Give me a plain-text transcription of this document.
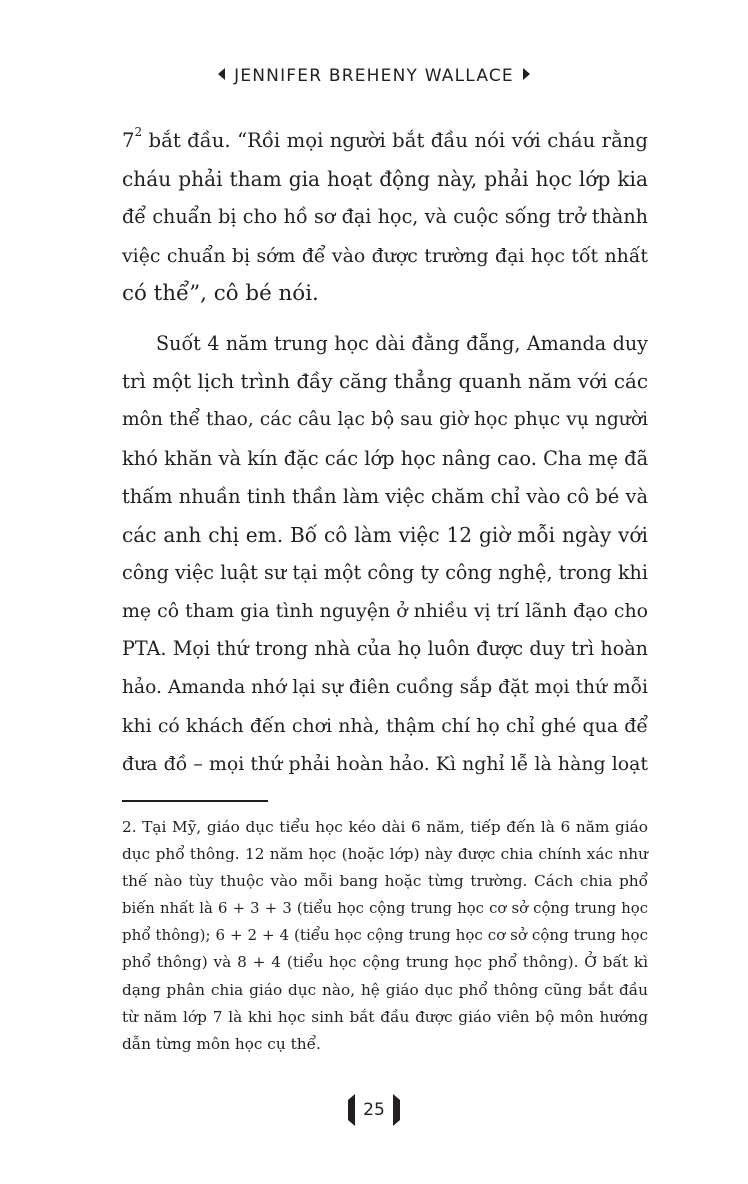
JENNIFER BREHENY WALLACE
7$^2$ bắt đầu. “Rồi mọi người bắt đầu nói với cháu rằng
cháu phải tham gia hoạt động này, phải học lớp kia
để chuẩn bị cho hồ sơ đại học, và cuộc sống trở thành
việc chuẩn bị sớm để vào được trường đại học tốt nhất
có thể”, cô bé nói.
Suốt 4 năm trung học dài đằng đẵng, Amanda duy
trì một lịch trình đầy căng thẳng quanh năm với các
môn thể thao, các câu lạc bộ sau giờ học phục vụ người
khó khăn và kín đặc các lớp học nâng cao. Cha mẹ đã
thấm nhuần tinh thần làm việc chăm chỉ vào cô bé và
các anh chị em. Bố cô làm việc 12 giờ mỗi ngày với
công việc luật sư tại một công ty công nghệ, trong khi
mẹ cô tham gia tình nguyện ở nhiều vị trí lãnh đạo cho
PTA. Mọi thứ trong nhà của họ luôn được duy trì hoàn
hảo. Amanda nhớ lại sự điên cuồng sắp đặt mọi thứ mỗi
khi có khách đến chơi nhà, thậm chí họ chỉ ghé qua để
đưa đồ – mọi thứ phải hoàn hảo. Kì nghỉ lễ là hàng loạt
2. Tại Mỹ, giáo dục tiểu học kéo dài 6 năm, tiếp đến là 6 năm giáo
dục phổ thông. 12 năm học (hoặc lớp) này được chia chính xác như
thế nào tùy thuộc vào mỗi bang hoặc từng trường. Cách chia phổ
biến nhất là 6 + 3 + 3 (tiểu học cộng trung học cơ sở cộng trung học
phổ thông); 6 + 2 + 4 (tiểu học cộng trung học cơ sở cộng trung học
phổ thông) và 8 + 4 (tiểu học cộng trung học phổ thông). Ở bất kì
dạng phân chia giáo dục nào, hệ giáo dục phổ thông cũng bắt đầu
từ năm lớp 7 là khi học sinh bắt đầu được giáo viên bộ môn hướng
dẫn từng môn học cụ thể.
25
